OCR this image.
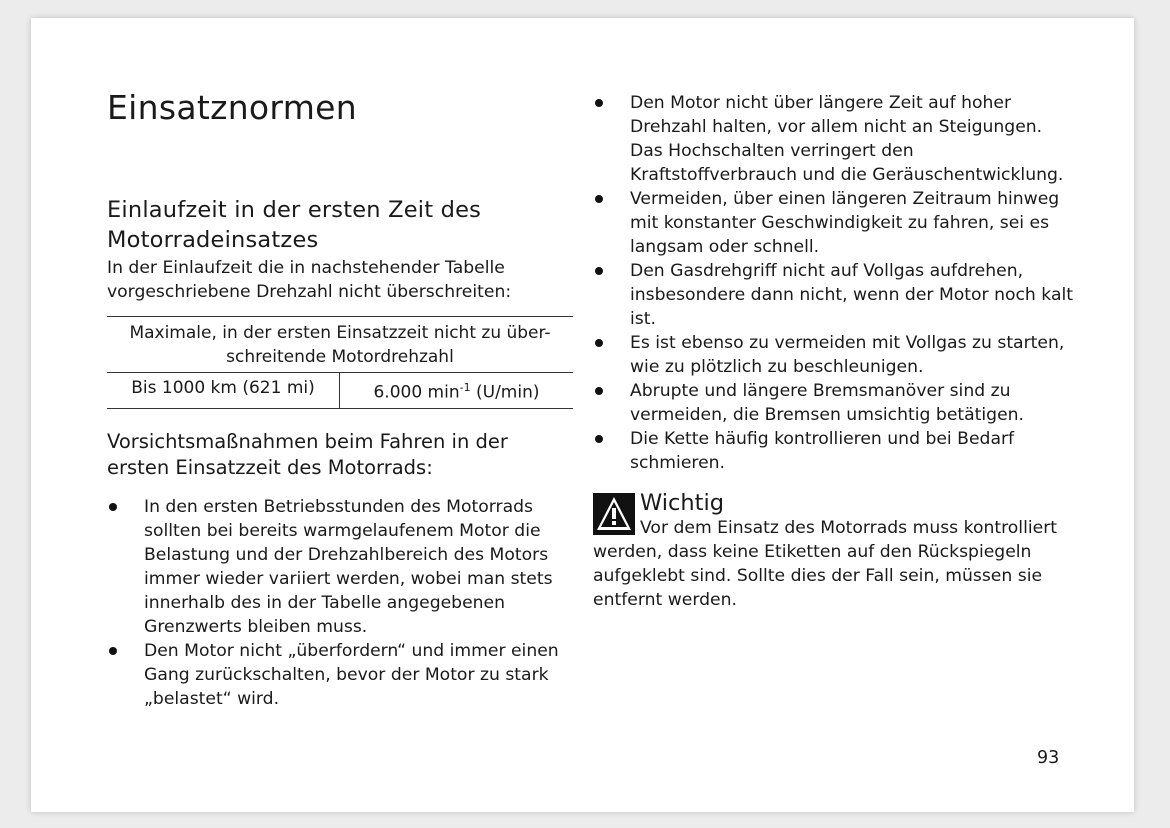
Einsatznormen
Einlaufzeit in der ersten Zeit des Motorradeinsatzes

In der Einlaufzeit die in nachstehender Tabelle vorgeschriebene Drehzahl nicht überschreiten:

Maximale, in der ersten Einsatzzeit nicht zu über-schreitende Motordrehzahl
Bis 1000 km (621 mi)	6.000 $\min^{-1} (U/\min)$

Vorsichtsmaßnahmen beim Fahren in der ersten Einsatzzeit des Motorrads:

In den ersten Betriebsstunden des Motorrads sollten bei bereits warmgelaufenem Motor die Belastung und der Drehzahlbereich des Motors immer wieder variiert werden, wobei man stets innerhalb des in der Tabelle angegebenen Grenzwerts bleiben muss.
Den Motor nicht „überfordern“ und immer einen Gang zurückschalten, bevor der Motor zu stark „belastet“ wird.
Den Motor nicht über längere Zeit auf hoher Drehzahl halten, vor allem nicht an Steigungen. Das Hochschalten verringert den Kraftstoffverbrauch und die Geräuschentwicklung.
Vermeiden, über einen längeren Zeitraum hinweg mit konstanter Geschwindigkeit zu fahren, sei es langsam oder schnell.
Den Gasdrehgriff nicht auf Vollgas aufdrehen, insbesondere dann nicht, wenn der Motor noch kalt ist.
Es ist ebenso zu vermeiden mit Vollgas zu starten, wie zu plötzlich zu beschleunigen.
Abrupte und längere Bremsmanöver sind zu vermeiden, die Bremsen umsichtig betätigen.
Die Kette häufig kontrollieren und bei Bedarf schmieren.
Wichtig

Vor dem Einsatz des Motorrads muss kontrolliert werden, dass keine Etiketten auf den Rückspiegeln aufgeklebt sind. Sollte dies der Fall sein, müssen sie entfernt werden.

93
